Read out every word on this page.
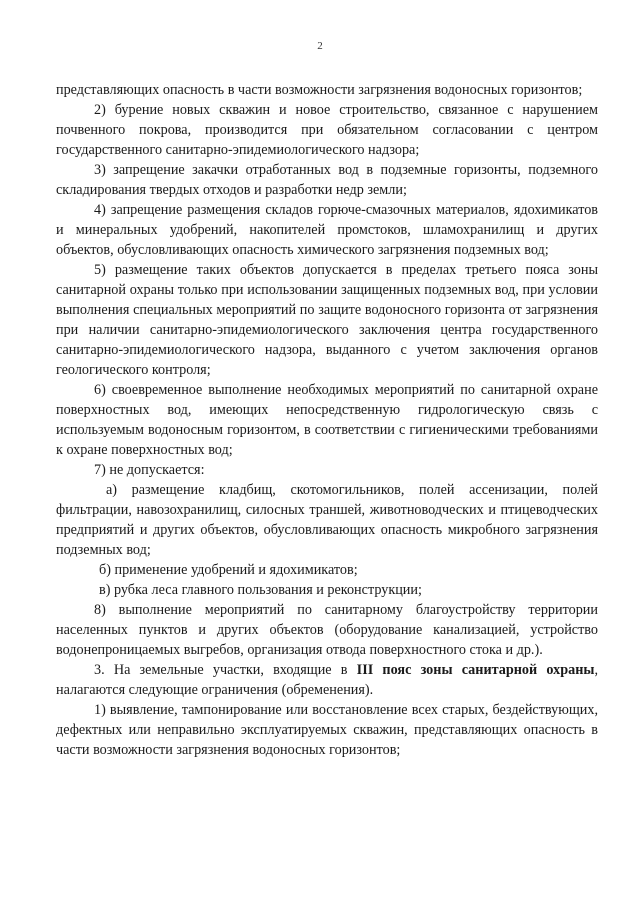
2

представляющих опасность в части возможности загрязнения водоносных горизонтов;

2) бурение новых скважин и новое строительство, связанное с нарушением почвенного покрова, производится при обязательном согласовании с центром государственного санитарно-эпидемиологического надзора;

3) запрещение закачки отработанных вод в подземные горизонты, подземного складирования твердых отходов и разработки недр земли;

4) запрещение размещения складов горюче-смазочных материалов, ядохимикатов и минеральных удобрений, накопителей промстоков, шламохранилищ и других объектов, обусловливающих опасность химического загрязнения подземных вод;

5) размещение таких объектов допускается в пределах третьего пояса зоны санитарной охраны только при использовании защищенных подземных вод, при условии выполнения специальных мероприятий по защите водоносного горизонта от загрязнения при наличии санитарно-эпидемиологического заключения центра государственного санитарно-эпидемиологического надзора, выданного с учетом заключения органов геологического контроля;

6) своевременное выполнение необходимых мероприятий по санитарной охране поверхностных вод, имеющих непосредственную гидрологическую связь с используемым водоносным горизонтом, в соответствии с гигиеническими требованиями к охране поверхностных вод;

7) не допускается:

а) размещение кладбищ, скотомогильников, полей ассенизации, полей фильтрации, навозохранилищ, силосных траншей, животноводческих и птицеводческих предприятий и других объектов, обусловливающих опасность микробного загрязнения подземных вод;

б) применение удобрений и ядохимикатов;

в) рубка леса главного пользования и реконструкции;

8) выполнение мероприятий по санитарному благоустройству территории населенных пунктов и других объектов (оборудование канализацией, устройство водонепроницаемых выгребов, организация отвода поверхностного стока и др.).

3. На земельные участки, входящие в III пояс зоны санитарной охраны, налагаются следующие ограничения (обременения).

1) выявление, тампонирование или восстановление всех старых, бездействующих, дефектных или неправильно эксплуатируемых скважин, представляющих опасность в части возможности загрязнения водоносных горизонтов;
